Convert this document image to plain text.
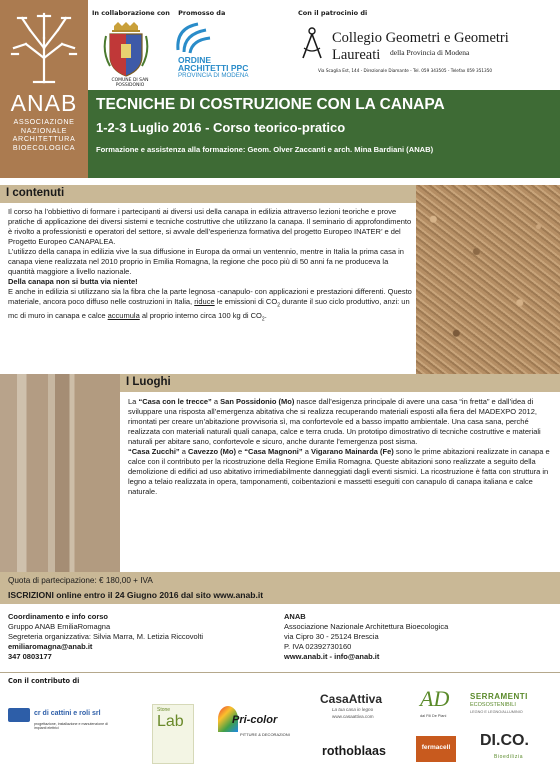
ANAB
ASSOCIAZIONE
NAZIONALE
ARCHITETTURA
BIOECOLOGICA
In collaborazione con Promosso da	Con il patrocinio di
COMUNE DI SAN POSSIDONIO
ORDINE
ARCHITETTI PPC
PROVINCIA DI MODENA
Collegio Geometri e Geometri Laureati	della Provincia di Modena
Via Scaglia Est, 144 - Direzionale Diamante - Tel. 059 343505 - Telefax 059 351350
TECNICHE DI COSTRUZIONE CON LA CANAPA
1-2-3 Luglio 2016 - Corso teorico-pratico
Formazione e assistenza alla formazione: Geom. Olver Zaccanti e arch. Mina Bardiani (ANAB)
I contenuti

Il corso ha l’obbiettivo di formare i partecipanti ai diversi usi della canapa in edilizia attraverso lezioni teoriche e prove pratiche di applicazione dei diversi sistemi e tecniche costruttive che utilizzano la canapa. Il seminario di approfondimento è rivolto a professionisti e operatori del settore, si avvale dell’esperienza formativa del progetto Europeo INATER’ e del Progetto Europeo CANAPALEA.

L’utilizzo della canapa in edilizia vive la sua diffusione in Europa da ormai un ventennio, mentre in Italia la prima casa in canapa viene realizzata nel 2010 proprio in Emilia Romagna, la regione che poco più di 50 anni fa ne produceva la quantità maggiore a livello nazionale.

Della canapa non si butta via niente!

E anche in edilizia si utilizzano sia la fibra che la parte legnosa -canapulo- con applicazioni e prestazioni differenti. Questo materiale, ancora poco diffuso nelle costruzioni in Italia, riduce le emissioni di $CO_2$ durante il suo ciclo produttivo, anzi: un mc di muro in canapa e calce accumula al proprio interno circa 100 kg di $CO_2$.

I Luoghi

La “Casa con le trecce” a San Possidonio (Mo) nasce dall’esigenza principale di avere una casa “in fretta” e dall’idea di sviluppare una risposta all’emergenza abitativa che si realizza recuperando materiali esposti alla fiera del MADEXPO 2012, rimontati per creare un’abitazione provvisoria sì, ma confortevole ed a basso impatto ambientale. Una casa sana, perché realizzata con materiali naturali quali canapa, calce e terra cruda. Un prototipo dimostrativo di tecniche costruttive e materiali naturali per abitare sano, confortevole e sicuro, anche durante l’emergenza post sisma.

“Casa Zucchi” a Cavezzo (Mo) e “Casa Magnoni” a Vigarano Mainarda (Fe) sono le prime abitazioni realizzate in canapa e calce con il contributo per la ricostruzione della Regione Emilia Romagna. Queste abitazioni sono realizzate a seguito della demolizione di edifici ad uso abitativo irrimediabilmente danneggiati dagli eventi sismici. La ricostruzione è fatta con struttura in legno a telaio realizzata in opera, tamponamenti, coibentazioni e massetti eseguiti con canapulo di canapa italiana e calce naturale.

Quota di partecipazione: € 180,00 + IVA
ISCRIZIONI online entro il 24 Giugno 2016 dal sito www.anab.it
Coordinamento e info corso
Gruppo ANAB EmiliaRomagna
Segreteria organizzativa: Silvia Marra, M. Letizia Riccovolti
emiliaromagna@anab.it
347 0803177
ANAB
Associazione Nazionale Architettura Bioecologica
via Cipro 30 - 25124 Brescia
P. IVA 02392730160
www.anab.it - info@anab.it
Con il contributo di
cr di cattini e roli srl
progettazione, installazione e manutenzione di impianti elettrici
Stone
Lab	Pri-color
PITTURE & DECORAZIONI
CasaAttiva
La tua casa in legno
www.casaattiva.com
rothoblaas
AD
dal Fili De Piani
SERRAMENTI
ECOSOSTENIBILI
LEGNO E LEGNO/ALLUMINIO
fermacell	DI.CO.
Bioedilizia
